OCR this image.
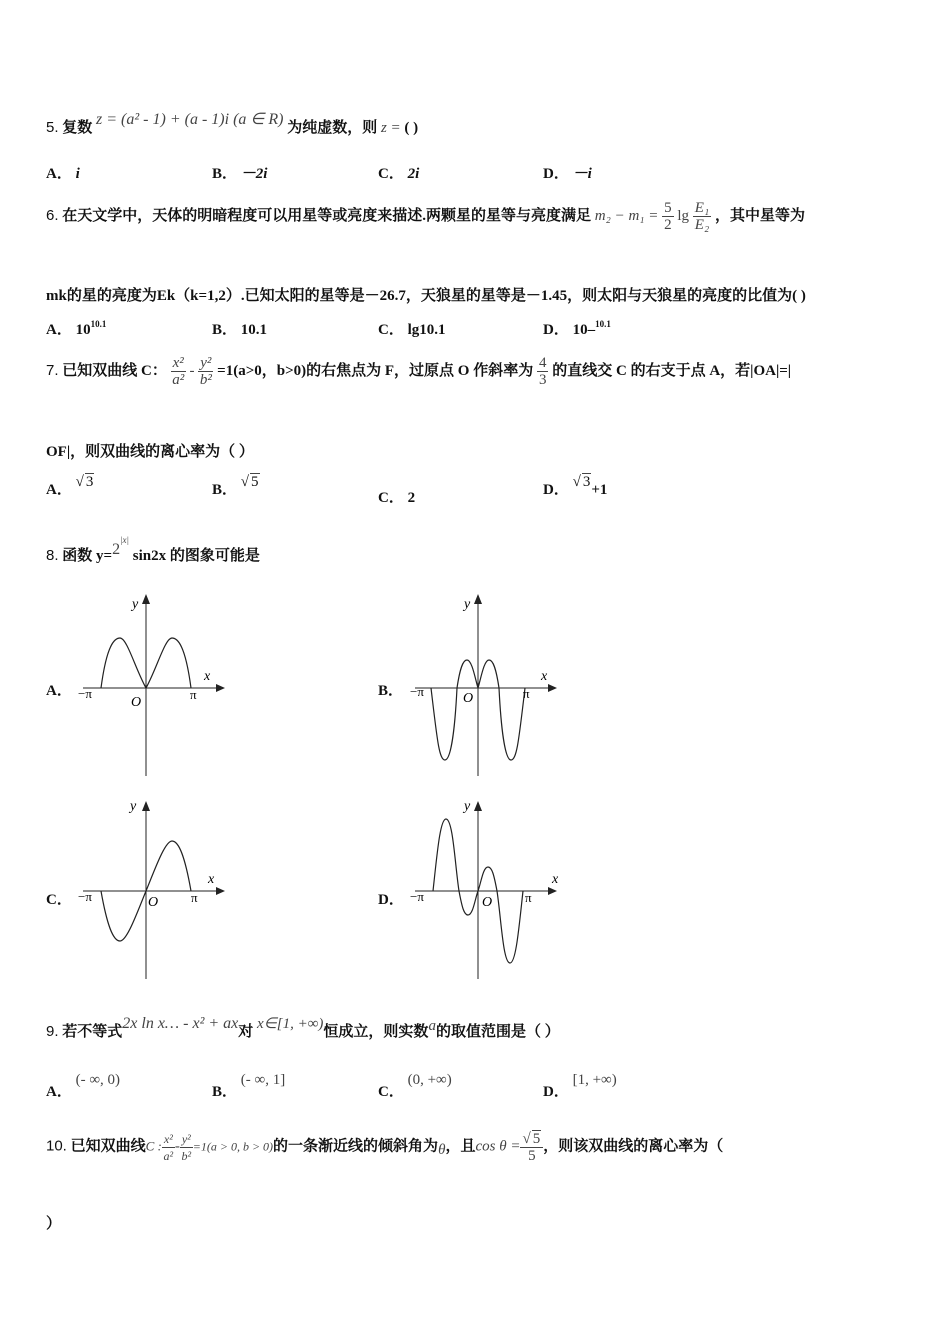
5. 复数 z = (a² - 1) + (a - 1)i (a ∈ R) 为纯虚数，则 z = ( )
A． i	B． －2i	C． 2i	D． －i
6. 在天文学中，天体的明暗程度可以用星等或亮度来描述.两颗星的星等与亮度满足 $m_2 - m_1 = \frac{5}{2}$ $\lg \frac{\text{E₁}}{\text{E₂}}$ ，其中星等为
mk的星的亮度为Ek（k=1,2）.已知太阳的星等是－26.7，天狼星的星等是－1.45，则太阳与天狼星的亮度的比值为( )
A． $10^{10.1}$	B． 10.1	C． lg10.1	D． 10–$^{10.1}$
7. 已知双曲线 C： $\frac{\text{x²}}{\text{a²}} - \frac{\text{y²}}{\text{b²}} =1(a>0$，b>0)的右焦点为 F，过原点 O 作斜率为 $\frac{4}{3}$ 的直线交 C 的右支于点 A，若|OA|=|
OF|，则双曲线的离心率为（ ）
A． √ 3	B． √ 5
C． 2	D． √ 3+1
8. 函数 $y=2^{|x|}$ sin2x 的图象可能是
A．	B．
C．	D．
y
x
O
−π	π
y
x
O
−π	π
y
x
O
−π	π
y
x
O
−π	π
9. 若不等式2x ln x… - x² + ax对 x∈[1, +∞)恒成立，则实数a的取值范围是（ ）
A． (- ∞, 0)
B． (- ∞, 1]
C． (0, +∞)
D． [1, +∞)
10. 已知双曲线C : $\frac{\text{x²}}{\text{a²}} - \frac{\text{y²}}{\text{b²}} =1(a > 0$, b > 0)的一条渐近线的倾斜角为θ，且$\cos \theta = \frac{√ 5}{5}$ ，则该双曲线的离心率为（
）
